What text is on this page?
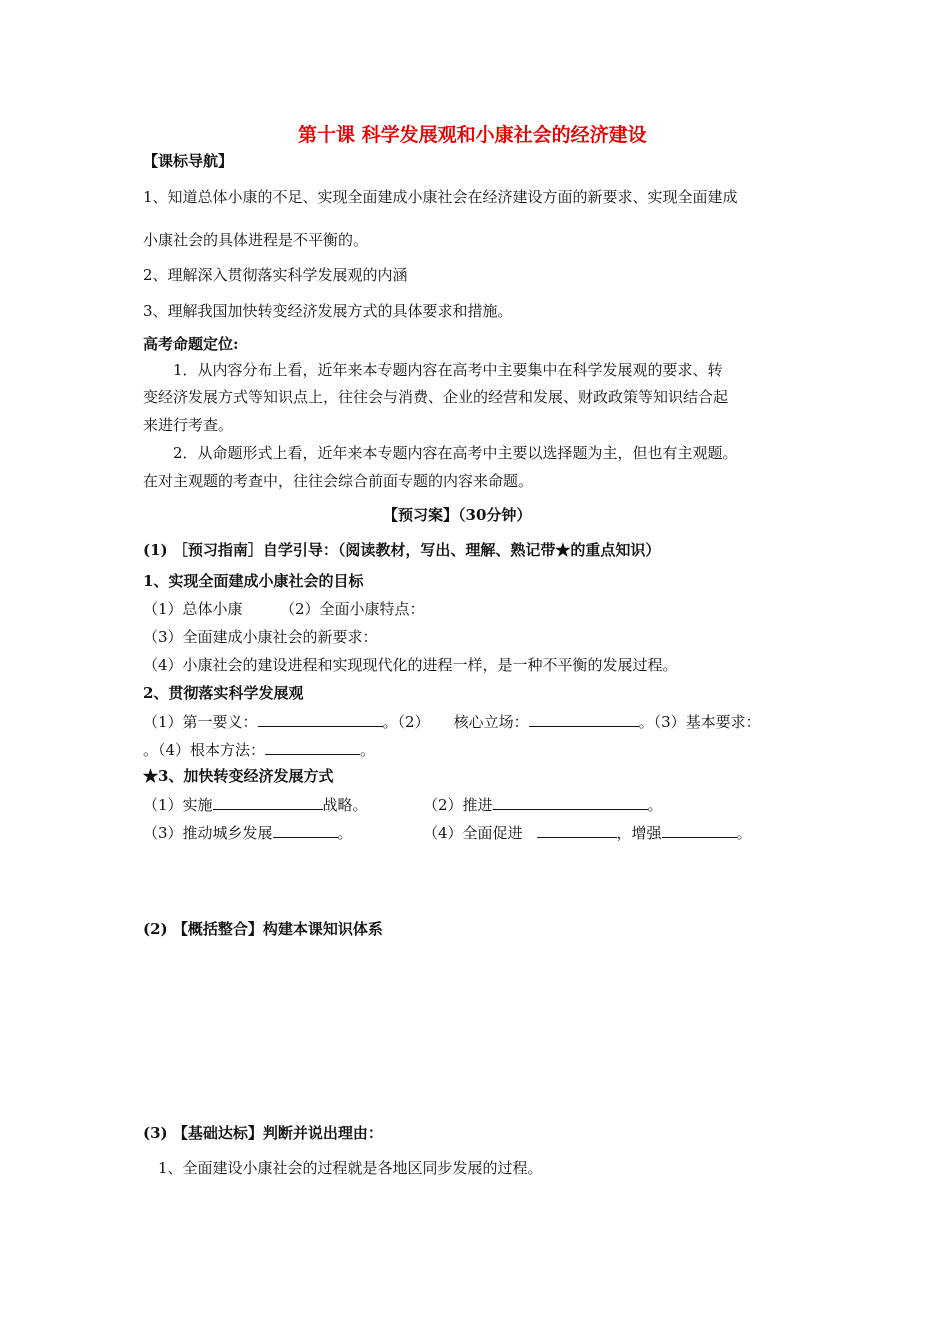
第十课 科学发展观和小康社会的经济建设
【课标导航】
1、知道总体小康的不足、实现全面建成小康社会在经济建设方面的新要求、实现全面建成
小康社会的具体进程是不平衡的。
2、理解深入贯彻落实科学发展观的内涵
3、理解我国加快转变经济发展方式的具体要求和措施。
高考命题定位:
1．从内容分布上看，近年来本专题内容在高考中主要集中在科学发展观的要求、转
变经济发展方式等知识点上，往往会与消费、企业的经营和发展、财政政策等知识结合起
来进行考查。
2．从命题形式上看，近年来本专题内容在高考中主要以选择题为主，但也有主观题。
在对主观题的考查中，往往会综合前面专题的内容来命题。
【预习案】（30分钟）
(1) ［预习指南］自学引导：（阅读教材，写出、理解、熟记带★的重点知识）
1、实现全面建成小康社会的目标
（1）总体小康 （2）全面小康特点：
（3）全面建成小康社会的新要求：
（4）小康社会的建设进程和实现现代化的进程一样，是一种不平衡的发展过程。
2、贯彻落实科学发展观
（1）第一要义：	。（2） 核心立场：	。（3）基本要求：
。（4）根本方法：	。
★3、加快转变经济发展方式
（1）实施	战略。	（2）推进	。
（3）推动城乡发展	。	（4）全面促进	，增强	。
(2) 【概括整合】构建本课知识体系
(3) 【基础达标】判断并说出理由：
1、全面建设小康社会的过程就是各地区同步发展的过程。
